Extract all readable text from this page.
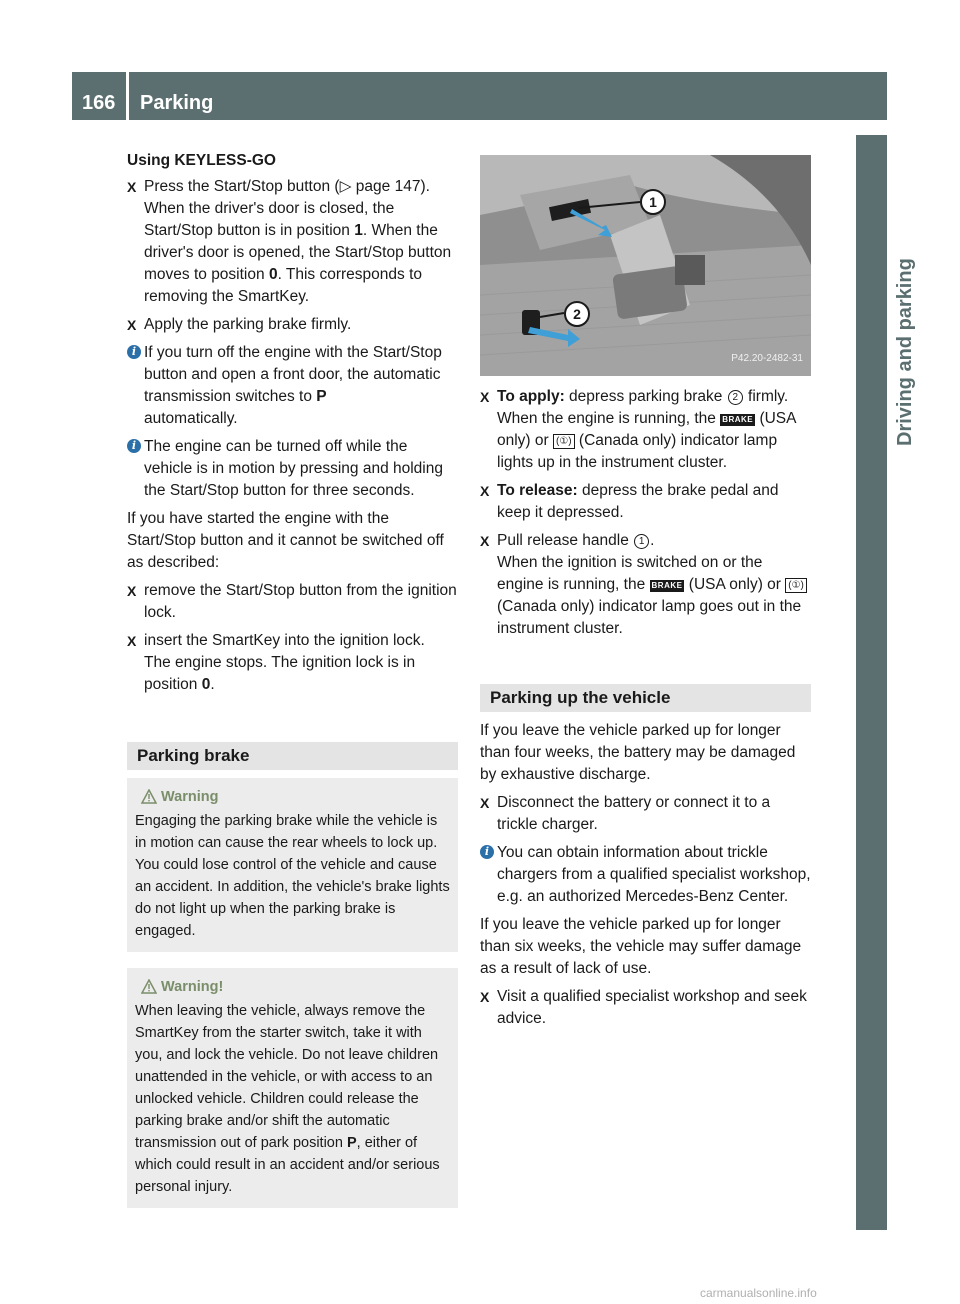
166	Parking
Driving and parking

Using KEYLESS-GO

X Press the Start/Stop button (▷ page 147).
When the driver's door is closed, the Start/Stop button is in position 1. When the driver's door is opened, the Start/Stop button moves to position 0. This corresponds to removing the SmartKey.
X Apply the parking brake firmly.
i If you turn off the engine with the Start/Stop button and open a front door, the automatic transmission switches to P
automatically.
i The engine can be turned off while the vehicle is in motion by pressing and holding the Start/Stop button for three seconds.

If you have started the engine with the Start/Stop button and it cannot be switched off as described:

X remove the Start/Stop button from the ignition lock.
X insert the SmartKey into the ignition lock.
The engine stops. The ignition lock is in position 0.
Parking brake
Warning
Engaging the parking brake while the vehicle is in motion can cause the rear wheels to lock up. You could lose control of the vehicle and cause an accident. In addition, the vehicle's brake lights do not light up when the parking brake is engaged.
Warning!
When leaving the vehicle, always remove the SmartKey from the starter switch, take it with you, and lock the vehicle. Do not leave children unattended in the vehicle, or with access to an unlocked vehicle. Children could release the parking brake and/or shift the automatic transmission out of park position P, either of which could result in an accident and/or serious personal injury.
1
2
P42.20-2482-31
X To apply: depress parking brake 2 firmly.
When the engine is running, the BRAKE (USA only) or (①) (Canada only) indicator lamp lights up in the instrument cluster.
X To release: depress the brake pedal and keep it depressed.
X Pull release handle 1 .
When the ignition is switched on or the engine is running, the BRAKE (USA only) or (①) (Canada only) indicator lamp goes out in the instrument cluster.
Parking up the vehicle

If you leave the vehicle parked up for longer than four weeks, the battery may be damaged by exhaustive discharge.

X Disconnect the battery or connect it to a trickle charger.
i You can obtain information about trickle chargers from a qualified specialist workshop, e.g. an authorized Mercedes-Benz Center.

If you leave the vehicle parked up for longer than six weeks, the vehicle may suffer damage as a result of lack of use.

X Visit a qualified specialist workshop and seek advice.
carmanualsonline.info
